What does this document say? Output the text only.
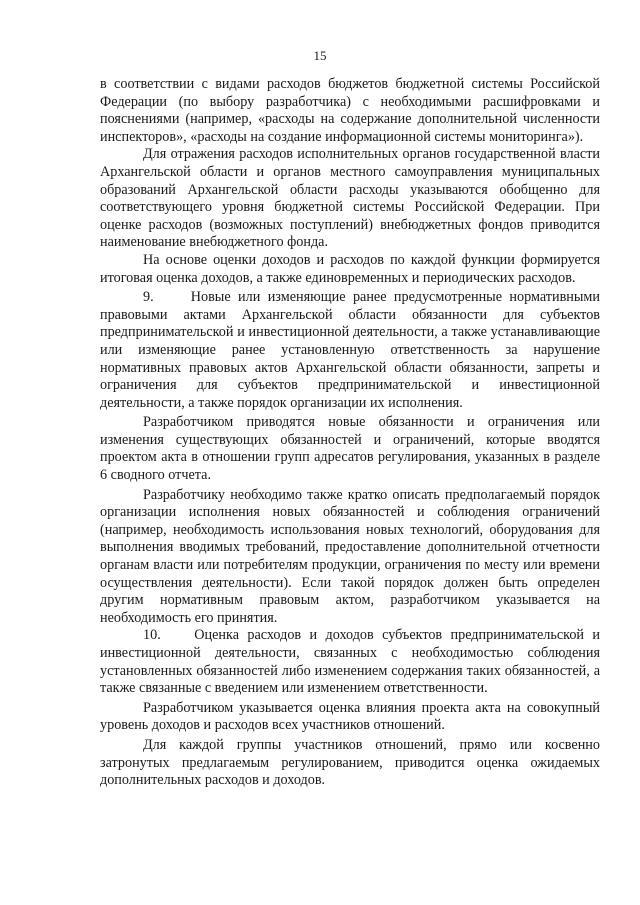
15

в соответствии с видами расходов бюджетов бюджетной системы Российской Федерации (по выбору разработчика) с необходимыми расшифровками и пояснениями (например, «расходы на содержание дополнительной численности инспекторов», «расходы на создание информационной системы мониторинга»).

Для отражения расходов исполнительных органов государственной власти Архангельской области и органов местного самоуправления муниципальных образований Архангельской области расходы указываются обобщенно для соответствующего уровня бюджетной системы Российской Федерации. При оценке расходов (возможных поступлений) внебюджетных фондов приводится наименование внебюджетного фонда.

На основе оценки доходов и расходов по каждой функции формируется итоговая оценка доходов, а также единовременных и периодических расходов.

9.     Новые или изменяющие ранее предусмотренные нормативными правовыми актами Архангельской области обязанности для субъектов предпринимательской и инвестиционной деятельности, а также устанавливающие или изменяющие ранее установленную ответственность за нарушение нормативных правовых актов Архангельской области обязанности, запреты и ограничения для субъектов предпринимательской и инвестиционной деятельности, а также порядок организации их исполнения.

Разработчиком приводятся новые обязанности и ограничения или изменения существующих обязанностей и ограничений, которые вводятся проектом акта в отношении групп адресатов регулирования, указанных в разделе 6 сводного отчета.

Разработчику необходимо также кратко описать предполагаемый порядок организации исполнения новых обязанностей и соблюдения ограничений (например, необходимость использования новых технологий, оборудования для выполнения вводимых требований, предоставление дополнительной отчетности органам власти или потребителям продукции, ограничения по месту или времени осуществления деятельности). Если такой порядок должен быть определен другим нормативным правовым актом, разработчиком указывается на необходимость его принятия.

10.    Оценка расходов и доходов субъектов предпринимательской и инвестиционной деятельности, связанных с необходимостью соблюдения установленных обязанностей либо изменением содержания таких обязанностей, а также связанные с введением или изменением ответственности.

Разработчиком указывается оценка влияния проекта акта на совокупный уровень доходов и расходов всех участников отношений.

Для каждой группы участников отношений, прямо или косвенно затронутых предлагаемым регулированием, приводится оценка ожидаемых дополнительных расходов и доходов.
